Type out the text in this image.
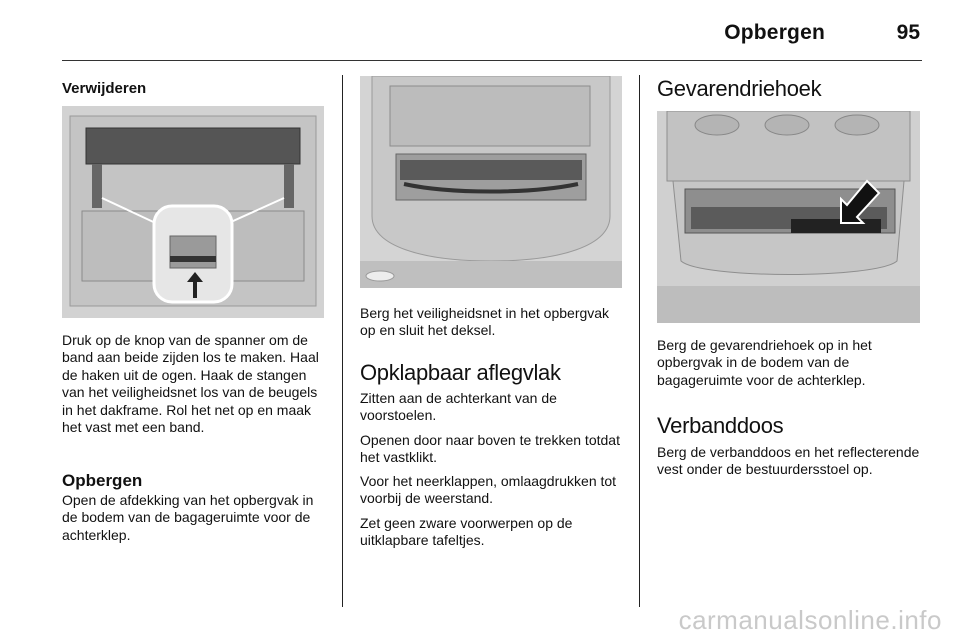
Opbergen	95
Verwijderen

Druk op de knop van de spanner om de band aan beide zijden los te maken. Haal de haken uit de ogen. Haak de stangen van het veiligheidsnet los van de beugels in het dakframe. Rol het net op en maak het vast met een band.

Opbergen

Open de afdekking van het opbergvak in de bodem van de bagageruimte voor de achterklep.

Berg het veiligheidsnet in het opbergvak op en sluit het deksel.

Opklapbaar aflegvlak

Zitten aan de achterkant van de voorstoelen.

Openen door naar boven te trekken totdat het vastklikt.

Voor het neerklappen, omlaagdrukken tot voorbij de weerstand.

Zet geen zware voorwerpen op de uitklapbare tafeltjes.

Gevarendriehoek

Berg de gevarendriehoek op in het opbergvak in de bodem van de bagageruimte voor de achterklep.

Verbanddoos

Berg de verbanddoos en het reflecterende vest onder de bestuurdersstoel op.

carmanualsonline.info
